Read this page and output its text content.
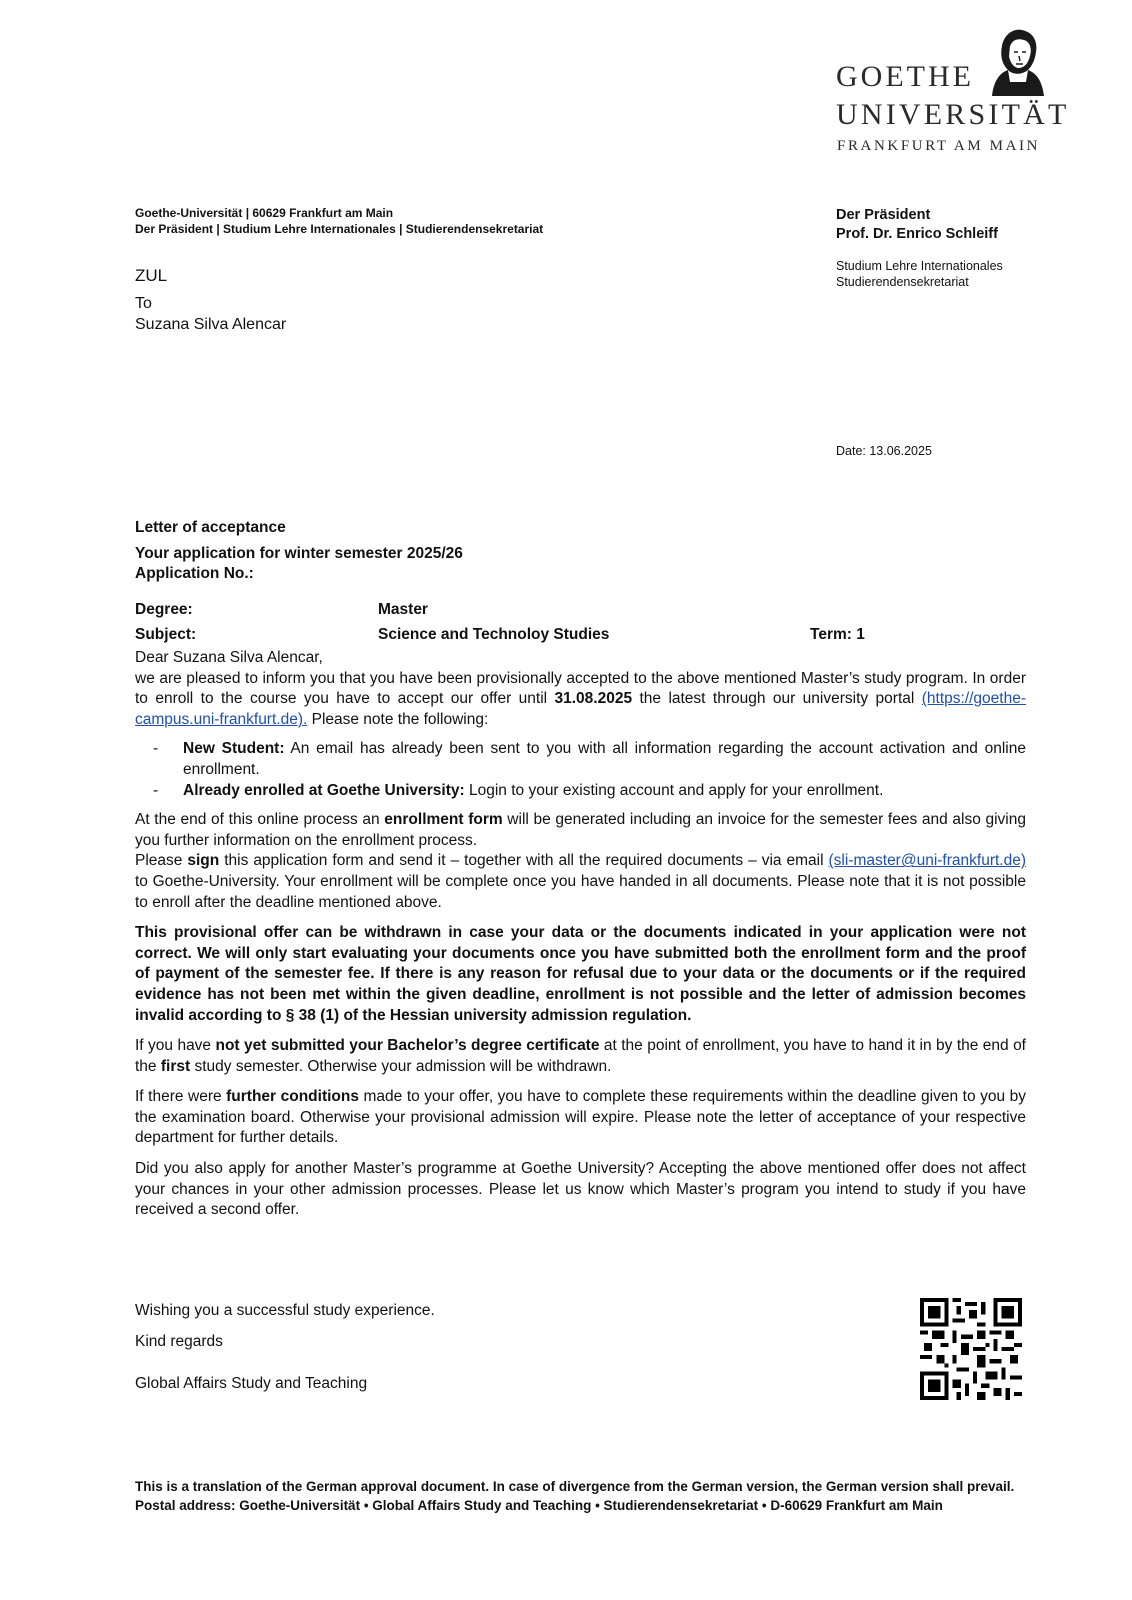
GOETHE
UNIVERSITÄT
FRANKFURT AM MAIN
Goethe-Universität | 60629 Frankfurt am Main
Der Präsident | Studium Lehre Internationales | Studierendensekretariat
ZUL
To
Suzana Silva Alencar
Der Präsident
Prof. Dr. Enrico Schleiff
Studium Lehre Internationales
Studierendensekretariat
Date: 13.06.2025
Letter of acceptance
Your application for winter semester 2025/26
Application No.:
Degree:	Master
Subject:	Science and Technoloy Studies	Term: 1

Dear Suzana Silva Alencar,

we are pleased to inform you that you have been provisionally accepted to the above mentioned Master’s study program. In order to enroll to the course you have to accept our offer until 31.08.2025 the latest through our university portal (https://goethe-campus.uni-frankfurt.de). Please note the following:

- New Student: An email has already been sent to you with all information regarding the account activation and online enrollment.
- Already enrolled at Goethe University: Login to your existing account and apply for your enrollment.

At the end of this online process an enrollment form will be generated including an invoice for the semester fees and also giving you further information on the enrollment process.

Please sign this application form and send it – together with all the required documents – via email (sli-master@uni-frankfurt.de) to Goethe-University. Your enrollment will be complete once you have handed in all documents. Please note that it is not possible to enroll after the deadline mentioned above.

This provisional offer can be withdrawn in case your data or the documents indicated in your application were not correct. We will only start evaluating your documents once you have submitted both the enrollment form and the proof of payment of the semester fee. If there is any reason for refusal due to your data or the documents or if the required evidence has not been met within the given deadline, enrollment is not possible and the letter of admission becomes invalid according to § 38 (1) of the Hessian university admission regulation.

If you have not yet submitted your Bachelor’s degree certificate at the point of enrollment, you have to hand it in by the end of the first study semester. Otherwise your admission will be withdrawn.

If there were further conditions made to your offer, you have to complete these requirements within the deadline given to you by the examination board. Otherwise your provisional admission will expire. Please note the letter of acceptance of your respective department for further details.

Did you also apply for another Master’s programme at Goethe University? Accepting the above mentioned offer does not affect your chances in your other admission processes. Please let us know which Master’s program you intend to study if you have received a second offer.

Wishing you a successful study experience.
Kind regards
Global Affairs Study and Teaching
This is a translation of the German approval document. In case of divergence from the German version, the German version shall prevail. Postal address: Goethe-Universität • Global Affairs Study and Teaching • Studierendensekretariat • D-60629 Frankfurt am Main
